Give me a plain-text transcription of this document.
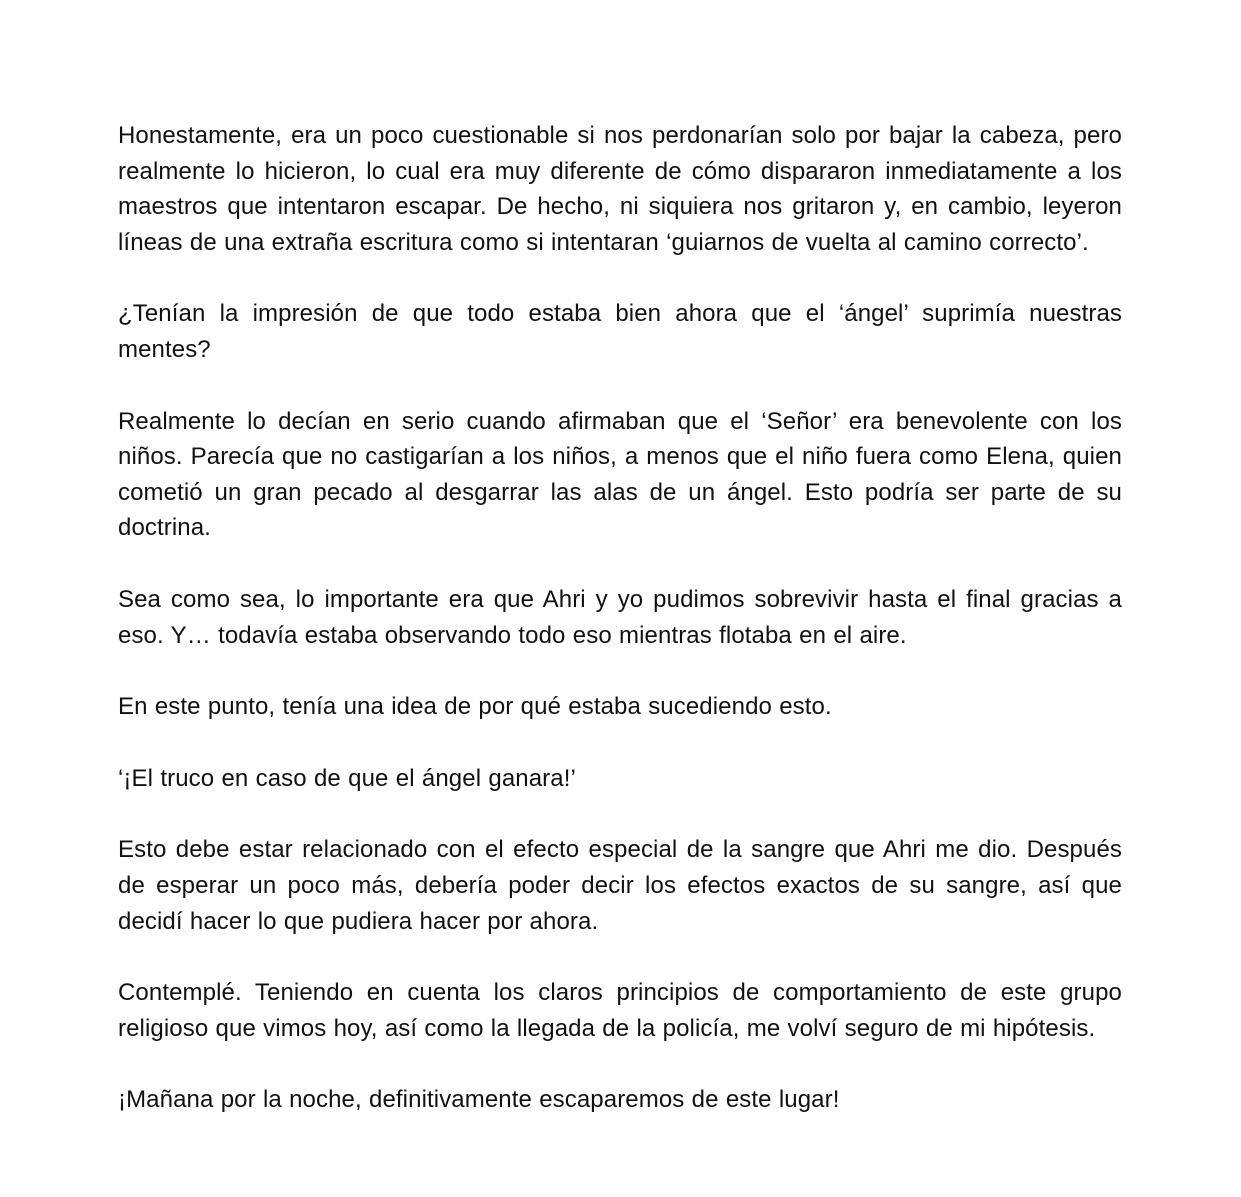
Honestamente, era un poco cuestionable si nos perdonarían solo por bajar la cabeza, pero realmente lo hicieron, lo cual era muy diferente de cómo dispararon inmediatamente a los maestros que intentaron escapar. De hecho, ni siquiera nos gritaron y, en cambio, leyeron líneas de una extraña escritura como si intentaran ‘guiarnos de vuelta al camino correcto’.

¿Tenían la impresión de que todo estaba bien ahora que el ‘ángel’ suprimía nuestras mentes?

Realmente lo decían en serio cuando afirmaban que el ‘Señor’ era benevolente con los niños. Parecía que no castigarían a los niños, a menos que el niño fuera como Elena, quien cometió un gran pecado al desgarrar las alas de un ángel. Esto podría ser parte de su doctrina.

Sea como sea, lo importante era que Ahri y yo pudimos sobrevivir hasta el final gracias a eso. Y… todavía estaba observando todo eso mientras flotaba en el aire.

En este punto, tenía una idea de por qué estaba sucediendo esto.

‘¡El truco en caso de que el ángel ganara!’

Esto debe estar relacionado con el efecto especial de la sangre que Ahri me dio. Después de esperar un poco más, debería poder decir los efectos exactos de su sangre, así que decidí hacer lo que pudiera hacer por ahora.

Contemplé. Teniendo en cuenta los claros principios de comportamiento de este grupo religioso que vimos hoy, así como la llegada de la policía, me volví seguro de mi hipótesis.

¡Mañana por la noche, definitivamente escaparemos de este lugar!
